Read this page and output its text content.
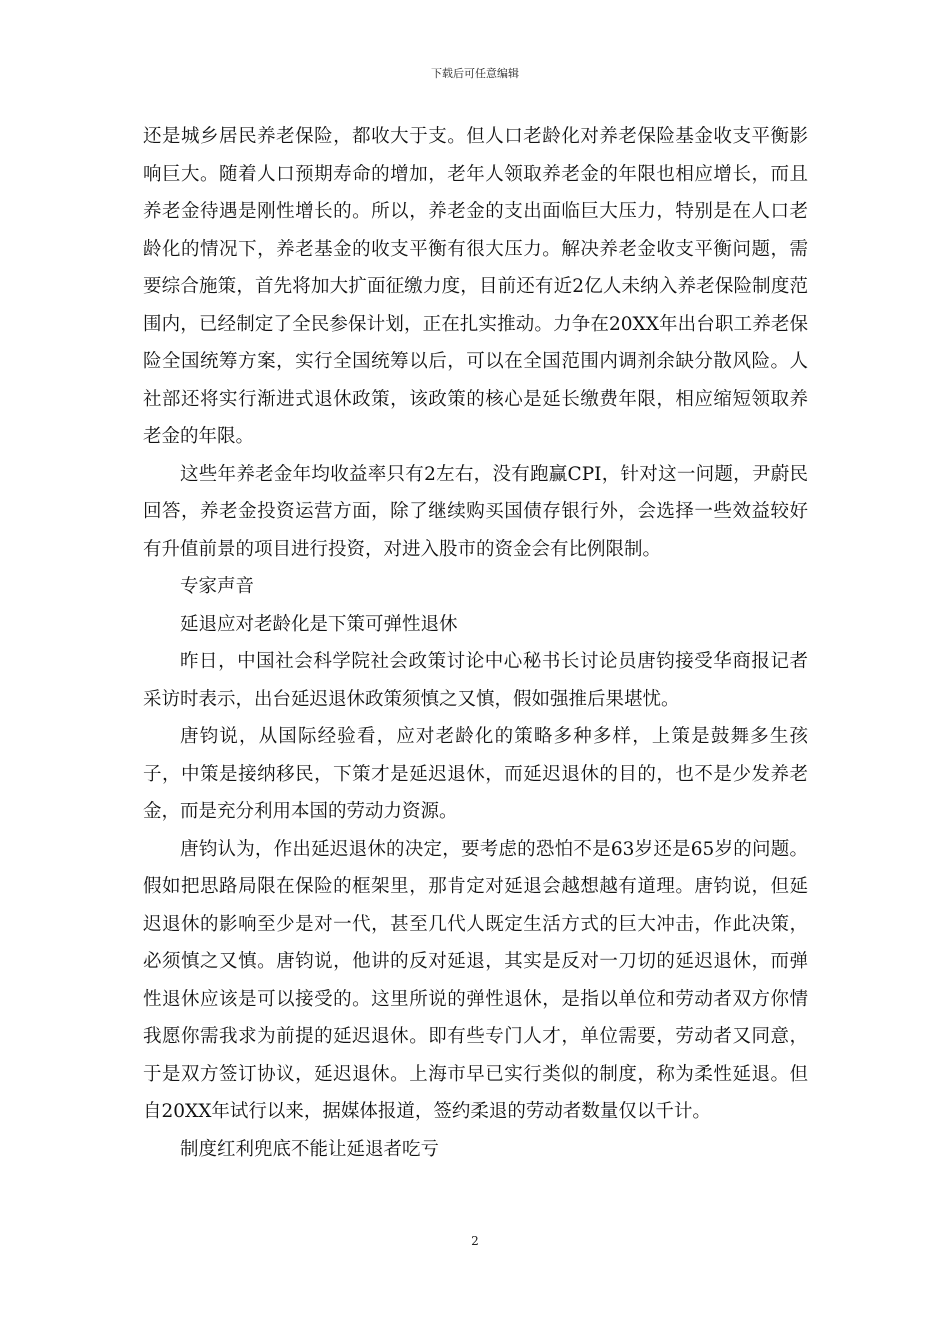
下载后可任意编辑

还是城乡居民养老保险，都收大于支。但人口老龄化对养老保险基金收支平衡影响巨大。随着人口预期寿命的增加，老年人领取养老金的年限也相应增长，而且养老金待遇是刚性增长的。所以，养老金的支出面临巨大压力，特别是在人口老龄化的情况下，养老基金的收支平衡有很大压力。解决养老金收支平衡问题，需要综合施策，首先将加大扩面征缴力度，目前还有近2亿人未纳入养老保险制度范围内，已经制定了全民参保计划，正在扎实推动。力争在20XX年出台职工养老保险全国统筹方案，实行全国统筹以后，可以在全国范围内调剂余缺分散风险。人社部还将实行渐进式退休政策，该政策的核心是延长缴费年限，相应缩短领取养老金的年限。

这些年养老金年均收益率只有2左右，没有跑赢CPI，针对这一问题，尹蔚民回答，养老金投资运营方面，除了继续购买国债存银行外，会选择一些效益较好有升值前景的项目进行投资，对进入股市的资金会有比例限制。

专家声音

延退应对老龄化是下策可弹性退休

昨日，中国社会科学院社会政策讨论中心秘书长讨论员唐钧接受华商报记者采访时表示，出台延迟退休政策须慎之又慎，假如强推后果堪忧。

唐钧说，从国际经验看，应对老龄化的策略多种多样，上策是鼓舞多生孩子，中策是接纳移民，下策才是延迟退休，而延迟退休的目的，也不是少发养老金，而是充分利用本国的劳动力资源。

唐钧认为，作出延迟退休的决定，要考虑的恐怕不是63岁还是65岁的问题。假如把思路局限在保险的框架里，那肯定对延退会越想越有道理。唐钧说，但延迟退休的影响至少是对一代，甚至几代人既定生活方式的巨大冲击，作此决策，必须慎之又慎。唐钧说，他讲的反对延退，其实是反对一刀切的延迟退休，而弹性退休应该是可以接受的。这里所说的弹性退休，是指以单位和劳动者双方你情我愿你需我求为前提的延迟退休。即有些专门人才，单位需要，劳动者又同意，于是双方签订协议，延迟退休。上海市早已实行类似的制度，称为柔性延退。但自20XX年试行以来，据媒体报道，签约柔退的劳动者数量仅以千计。

制度红利兜底不能让延退者吃亏

2
